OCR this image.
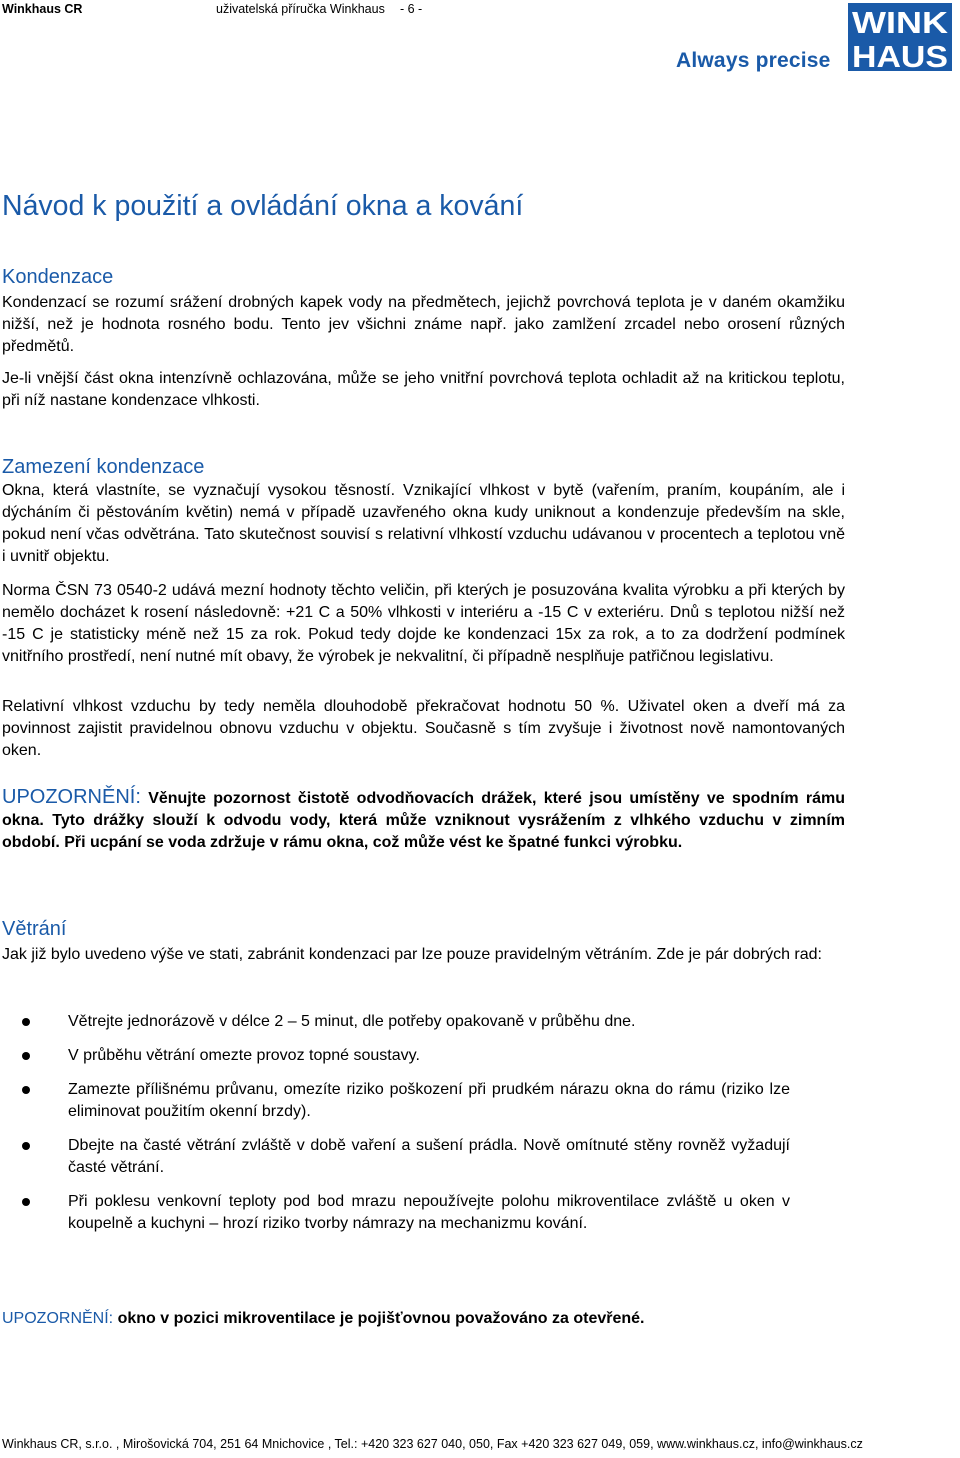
Winkhaus CR	uživatelská příručka Winkhaus - 6 -	WINK
HAUS
Always precise
Návod k použití a ovládání okna a kování
Kondenzace

Kondenzací se rozumí srážení drobných kapek vody na předmětech, jejichž povrchová teplota je v daném okamžiku nižší, než je hodnota rosného bodu. Tento jev všichni známe např. jako zamlžení zrcadel nebo orosení různých předmětů.

Je-li vnější část okna intenzívně ochlazována, může se jeho vnitřní povrchová teplota ochladit až na kritickou teplotu, při níž nastane kondenzace vlhkosti.

Zamezení kondenzace

Okna, která vlastníte, se vyznačují vysokou těsností. Vznikající vlhkost v bytě (vařením, praním, koupáním, ale i dýcháním či pěstováním květin) nemá v případě uzavřeného okna kudy uniknout a kondenzuje především na skle, pokud není včas odvětrána. Tato skutečnost souvisí s relativní vlhkostí vzduchu udávanou v procentech a teplotou vně i uvnitř objektu.

Norma ČSN 73 0540-2 udává mezní hodnoty těchto veličin, při kterých je posuzována kvalita výrobku a při kterých by nemělo docházet k rosení následovně: +21 C a 50% vlhkosti v interiéru a -15 C v exteriéru. Dnů s teplotou nižší než -15 C je statisticky méně než 15 za rok. Pokud tedy dojde ke kondenzaci 15x za rok, a to za dodržení podmínek vnitřního prostředí, není nutné mít obavy, že výrobek je nekvalitní, či případně nesplňuje patřičnou legislativu.

Relativní vlhkost vzduchu by tedy neměla dlouhodobě překračovat hodnotu 50 %. Uživatel oken a dveří má za povinnost zajistit pravidelnou obnovu vzduchu v objektu. Současně s tím zvyšuje i životnost nově namontovaných oken.

UPOZORNĚNÍ: Věnujte pozornost čistotě odvodňovacích drážek, které jsou umístěny ve spodním rámu okna. Tyto drážky slouží k odvodu vody, která může vzniknout vysrážením z vlhkého vzduchu v zimním období. Při ucpání se voda zdržuje v rámu okna, což může vést ke špatné funkci výrobku.

Větrání

Jak již bylo uvedeno výše ve stati, zabránit kondenzaci par lze pouze pravidelným větráním. Zde je pár dobrých rad:

Větrejte jednorázově v délce 2 – 5 minut, dle potřeby opakovaně v průběhu dne.
V průběhu větrání omezte provoz topné soustavy.
Zamezte přílišnému průvanu, omezíte riziko poškození při prudkém nárazu okna do rámu (riziko lze eliminovat použitím okenní brzdy).
Dbejte na časté větrání zvláště v době vaření a sušení prádla. Nově omítnuté stěny rovněž vyžadují časté větrání.
Při poklesu venkovní teploty pod bod mrazu nepoužívejte polohu mikroventilace zvláště u oken v koupelně a kuchyni – hrozí riziko tvorby námrazy na mechanizmu kování.

UPOZORNĚNÍ: okno v pozici mikroventilace je pojišťovnou považováno za otevřené.

Winkhaus CR, s.r.o. , Mirošovická 704, 251 64 Mnichovice , Tel.: +420 323 627 040, 050, Fax +420 323 627 049, 059, www.winkhaus.cz, info@winkhaus.cz
